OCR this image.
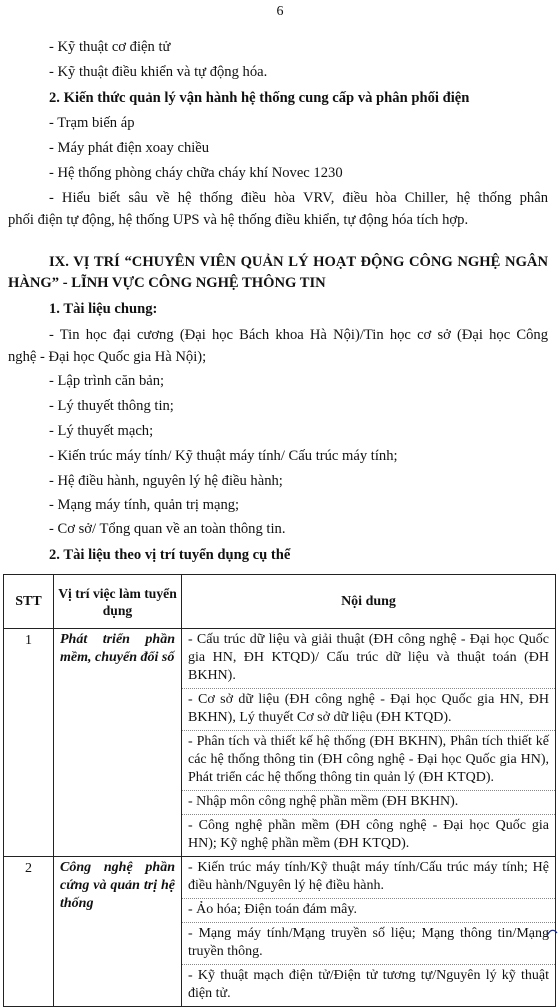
6
- Kỹ thuật cơ điện tử
- Kỹ thuật điều khiển và tự động hóa.
2. Kiến thức quản lý vận hành hệ thống cung cấp và phân phối điện
- Trạm biến áp
- Máy phát điện xoay chiều
- Hệ thống phòng cháy chữa cháy khí Novec 1230
- Hiểu biết sâu về hệ thống điều hòa VRV, điều hòa Chiller, hệ thống phân
phối điện tự động, hệ thống UPS và hệ thống điều khiển, tự động hóa tích hợp.
IX. VỊ TRÍ “CHUYÊN VIÊN QUẢN LÝ HOẠT ĐỘNG CÔNG NGHỆ NGÂN
HÀNG” - LĨNH VỰC CÔNG NGHỆ THÔNG TIN
1. Tài liệu chung:
- Tin học đại cương (Đại học Bách khoa Hà Nội)/Tin học cơ sở (Đại học Công
nghệ - Đại học Quốc gia Hà Nội);
- Lập trình căn bản;
- Lý thuyết thông tin;
- Lý thuyết mạch;
- Kiến trúc máy tính/ Kỹ thuật máy tính/ Cấu trúc máy tính;
- Hệ điều hành, nguyên lý hệ điều hành;
- Mạng máy tính, quản trị mạng;
- Cơ sở/ Tổng quan về an toàn thông tin.
STT	Vị trí việc làm tuyển dụng	Nội dung
1	Phát triển phần mềm, chuyển đổi số	- Cấu trúc dữ liệu và giải thuật (ĐH công nghệ - Đại học Quốc gia HN, ĐH KTQD)/ Cấu trúc dữ liệu và thuật toán (ĐH BKHN).
- Cơ sở dữ liệu (ĐH công nghệ - Đại học Quốc gia HN, ĐH BKHN), Lý thuyết Cơ sở dữ liệu (ĐH KTQD).
- Phân tích và thiết kế hệ thống (ĐH BKHN), Phân tích thiết kế các hệ thống thông tin (ĐH công nghệ - Đại học Quốc gia HN), Phát triển các hệ thống thông tin quản lý (ĐH KTQD).
- Nhập môn công nghệ phần mềm (ĐH BKHN).
- Công nghệ phần mềm (ĐH công nghệ - Đại học Quốc gia HN); Kỹ nghệ phần mềm (ĐH KTQD).

2	Công nghệ phần cứng và quản trị hệ thống	- Kiến trúc máy tính/Kỹ thuật máy tính/Cấu trúc máy tính; Hệ điều hành/Nguyên lý hệ điều hành.
- Ảo hóa; Điện toán đám mây.
- Mạng máy tính/Mạng truyền số liệu; Mạng thông tin/Mạng truyền thông.
- Kỹ thuật mạch điện tử/Điện tử tương tự/Nguyên lý kỹ thuật điện tử.
2. Tài liệu theo vị trí tuyển dụng cụ thể
